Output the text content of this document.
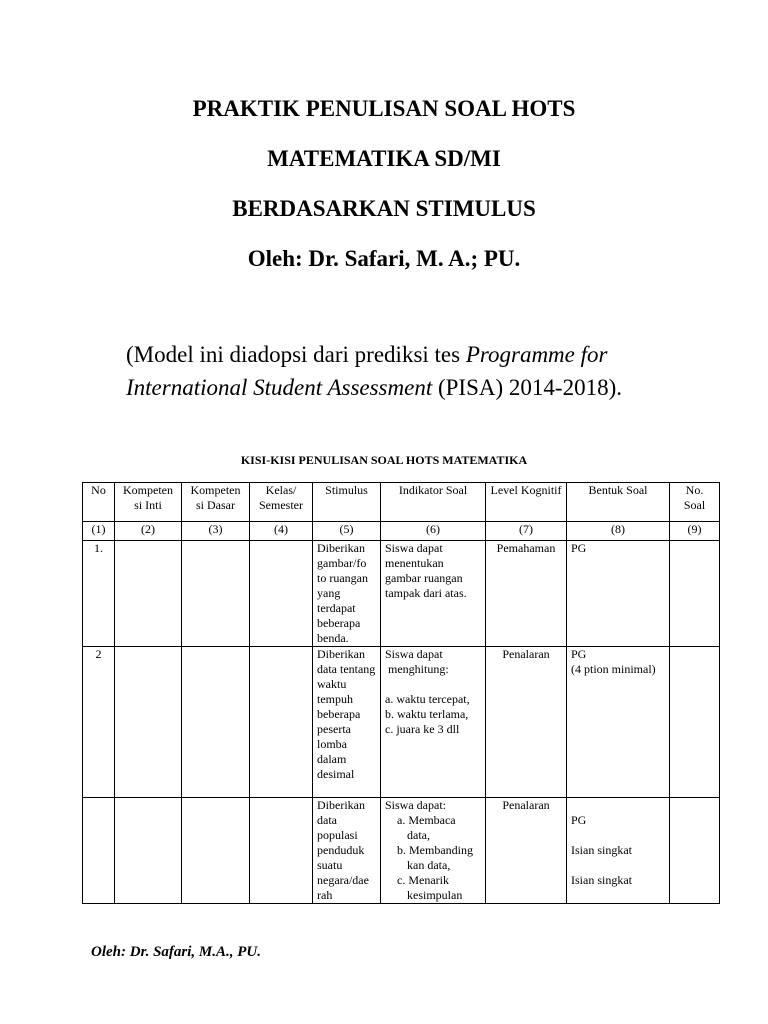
PRAKTIK PENULISAN SOAL HOTS
MATEMATIKA SD/MI
BERDASARKAN STIMULUS
Oleh: Dr. Safari, M. A.; PU.
(Model ini diadopsi dari prediksi tes Programme for International Student Assessment (PISA) 2014-2018).
KISI-KISI PENULISAN SOAL HOTS MATEMATIKA
No	Kompeten si Inti	Kompeten si Dasar	Kelas/ Semester	Stimulus	Indikator Soal	Level Kognitif	Bentuk Soal	No. Soal
(1)	(2)	(3)	(4)	(5)	(6)	(7)	(8)	(9)
1.				Diberikan gambar/fo to ruangan yang terdapat beberapa benda.	Siswa dapat menentukan gambar ruangan tampak dari atas.	Pemahaman	PG	

2				Diberikan data tentang waktu tempuh beberapa peserta lomba dalam desimal	Siswa dapat
menghitung:
a. waktu tercepat,
b. waktu terlama,
c. juara ke 3 dll	Penalaran	PG
(4 ption minimal)	

				Diberikan data populasi penduduk suatu negara/dae rah	Siswa dapat:
a. Membaca data,
b. Membanding kan data,
c. Menarik kesimpulan	Penalaran	PG
Isian singkat
Isian singkat	

Oleh: Dr. Safari, M.A., PU.
